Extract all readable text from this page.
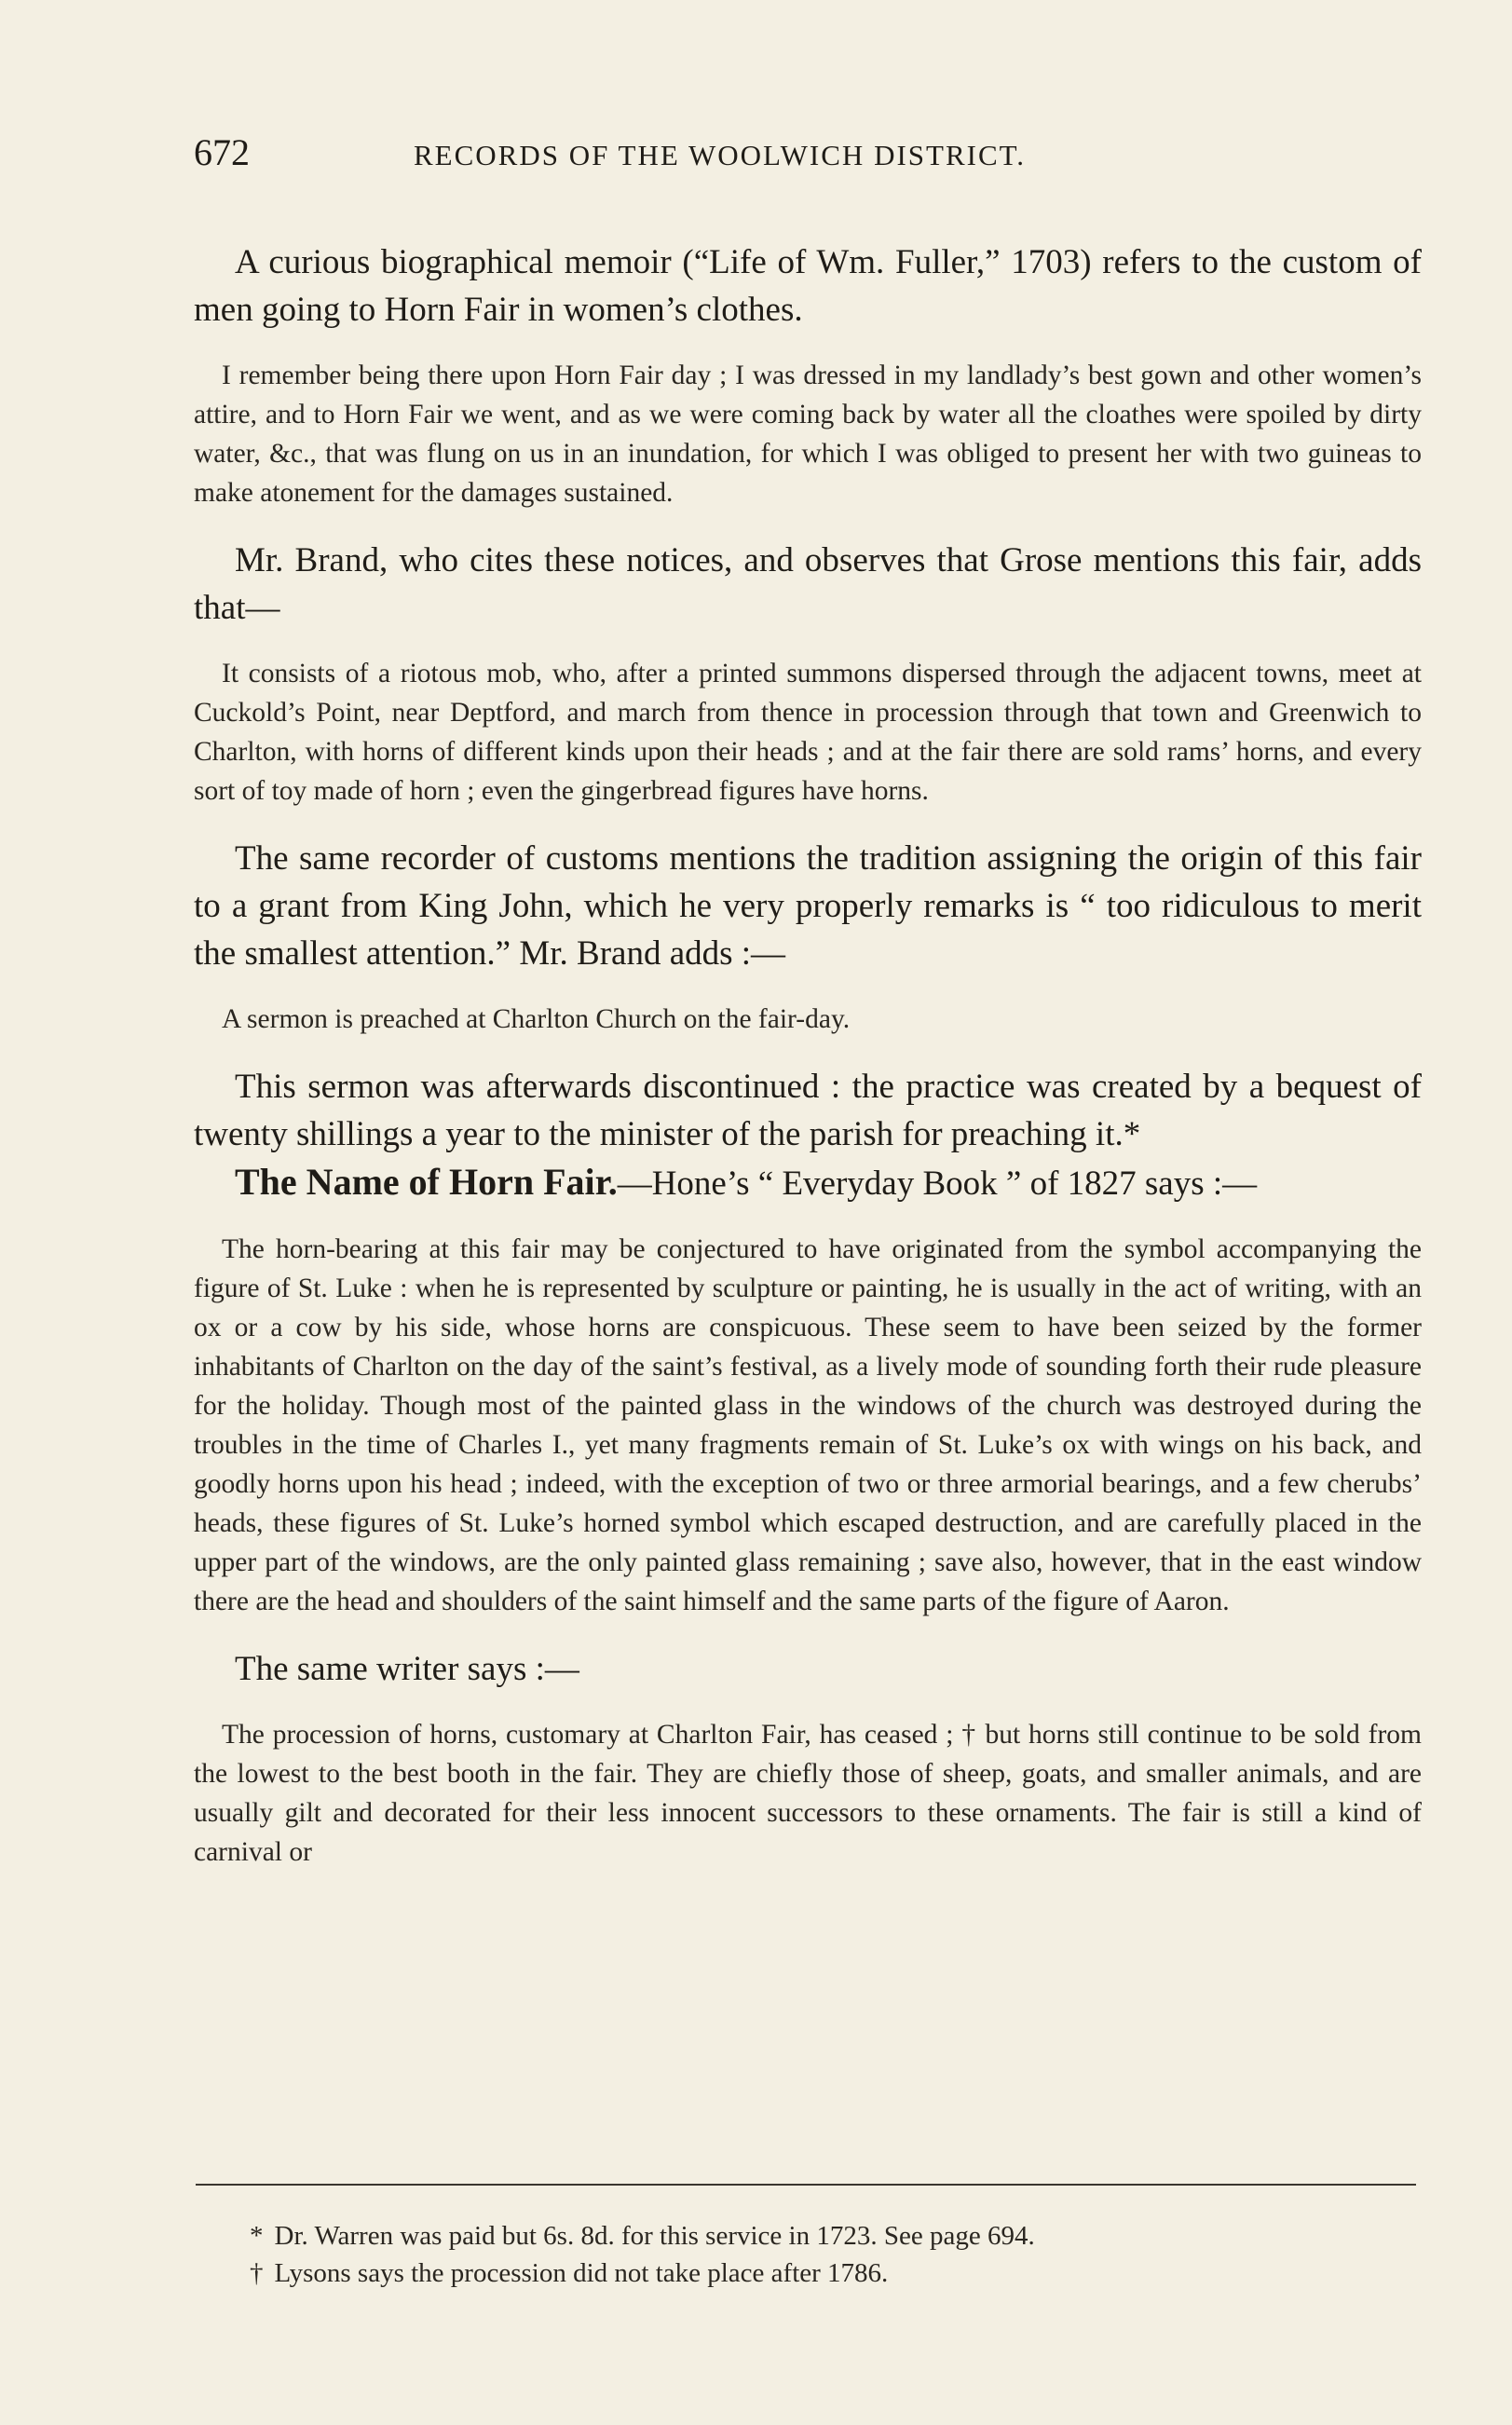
672	RECORDS OF THE WOOLWICH DISTRICT.

A curious biographical memoir (“Life of Wm. Fuller,” 1703) refers to the custom of men going to Horn Fair in women’s clothes.

I remember being there upon Horn Fair day ; I was dressed in my landlady’s best gown and other women’s attire, and to Horn Fair we went, and as we were coming back by water all the cloathes were spoiled by dirty water, &c., that was flung on us in an inundation, for which I was obliged to present her with two guineas to make atonement for the damages sustained.

Mr. Brand, who cites these notices, and observes that Grose mentions this fair, adds that—

It consists of a riotous mob, who, after a printed summons dispersed through the adjacent towns, meet at Cuckold’s Point, near Deptford, and march from thence in procession through that town and Greenwich to Charlton, with horns of different kinds upon their heads ; and at the fair there are sold rams’ horns, and every sort of toy made of horn ; even the gingerbread figures have horns.

The same recorder of customs mentions the tradition assigning the origin of this fair to a grant from King John, which he very properly remarks is “ too ridiculous to merit the smallest attention.” Mr. Brand adds :—

A sermon is preached at Charlton Church on the fair-day.

This sermon was afterwards discontinued : the practice was created by a bequest of twenty shillings a year to the minister of the parish for preaching it.*

The Name of Horn Fair.—Hone’s “ Everyday Book ” of 1827 says :—

The horn-bearing at this fair may be conjectured to have originated from the symbol accompanying the figure of St. Luke : when he is represented by sculpture or painting, he is usually in the act of writing, with an ox or a cow by his side, whose horns are conspicuous. These seem to have been seized by the former inhabitants of Charlton on the day of the saint’s festival, as a lively mode of sounding forth their rude pleasure for the holiday. Though most of the painted glass in the windows of the church was destroyed during the troubles in the time of Charles I., yet many fragments remain of St. Luke’s ox with wings on his back, and goodly horns upon his head ; indeed, with the exception of two or three armorial bearings, and a few cherubs’ heads, these figures of St. Luke’s horned symbol which escaped destruction, and are carefully placed in the upper part of the windows, are the only painted glass remaining ; save also, however, that in the east window there are the head and shoulders of the saint himself and the same parts of the figure of Aaron.

The same writer says :—

The procession of horns, customary at Charlton Fair, has ceased ; † but horns still continue to be sold from the lowest to the best booth in the fair. They are chiefly those of sheep, goats, and smaller animals, and are usually gilt and decorated for their less innocent successors to these ornaments. The fair is still a kind of carnival or

* Dr. Warren was paid but 6s. 8d. for this service in 1723. See page 694.
† Lysons says the procession did not take place after 1786.
